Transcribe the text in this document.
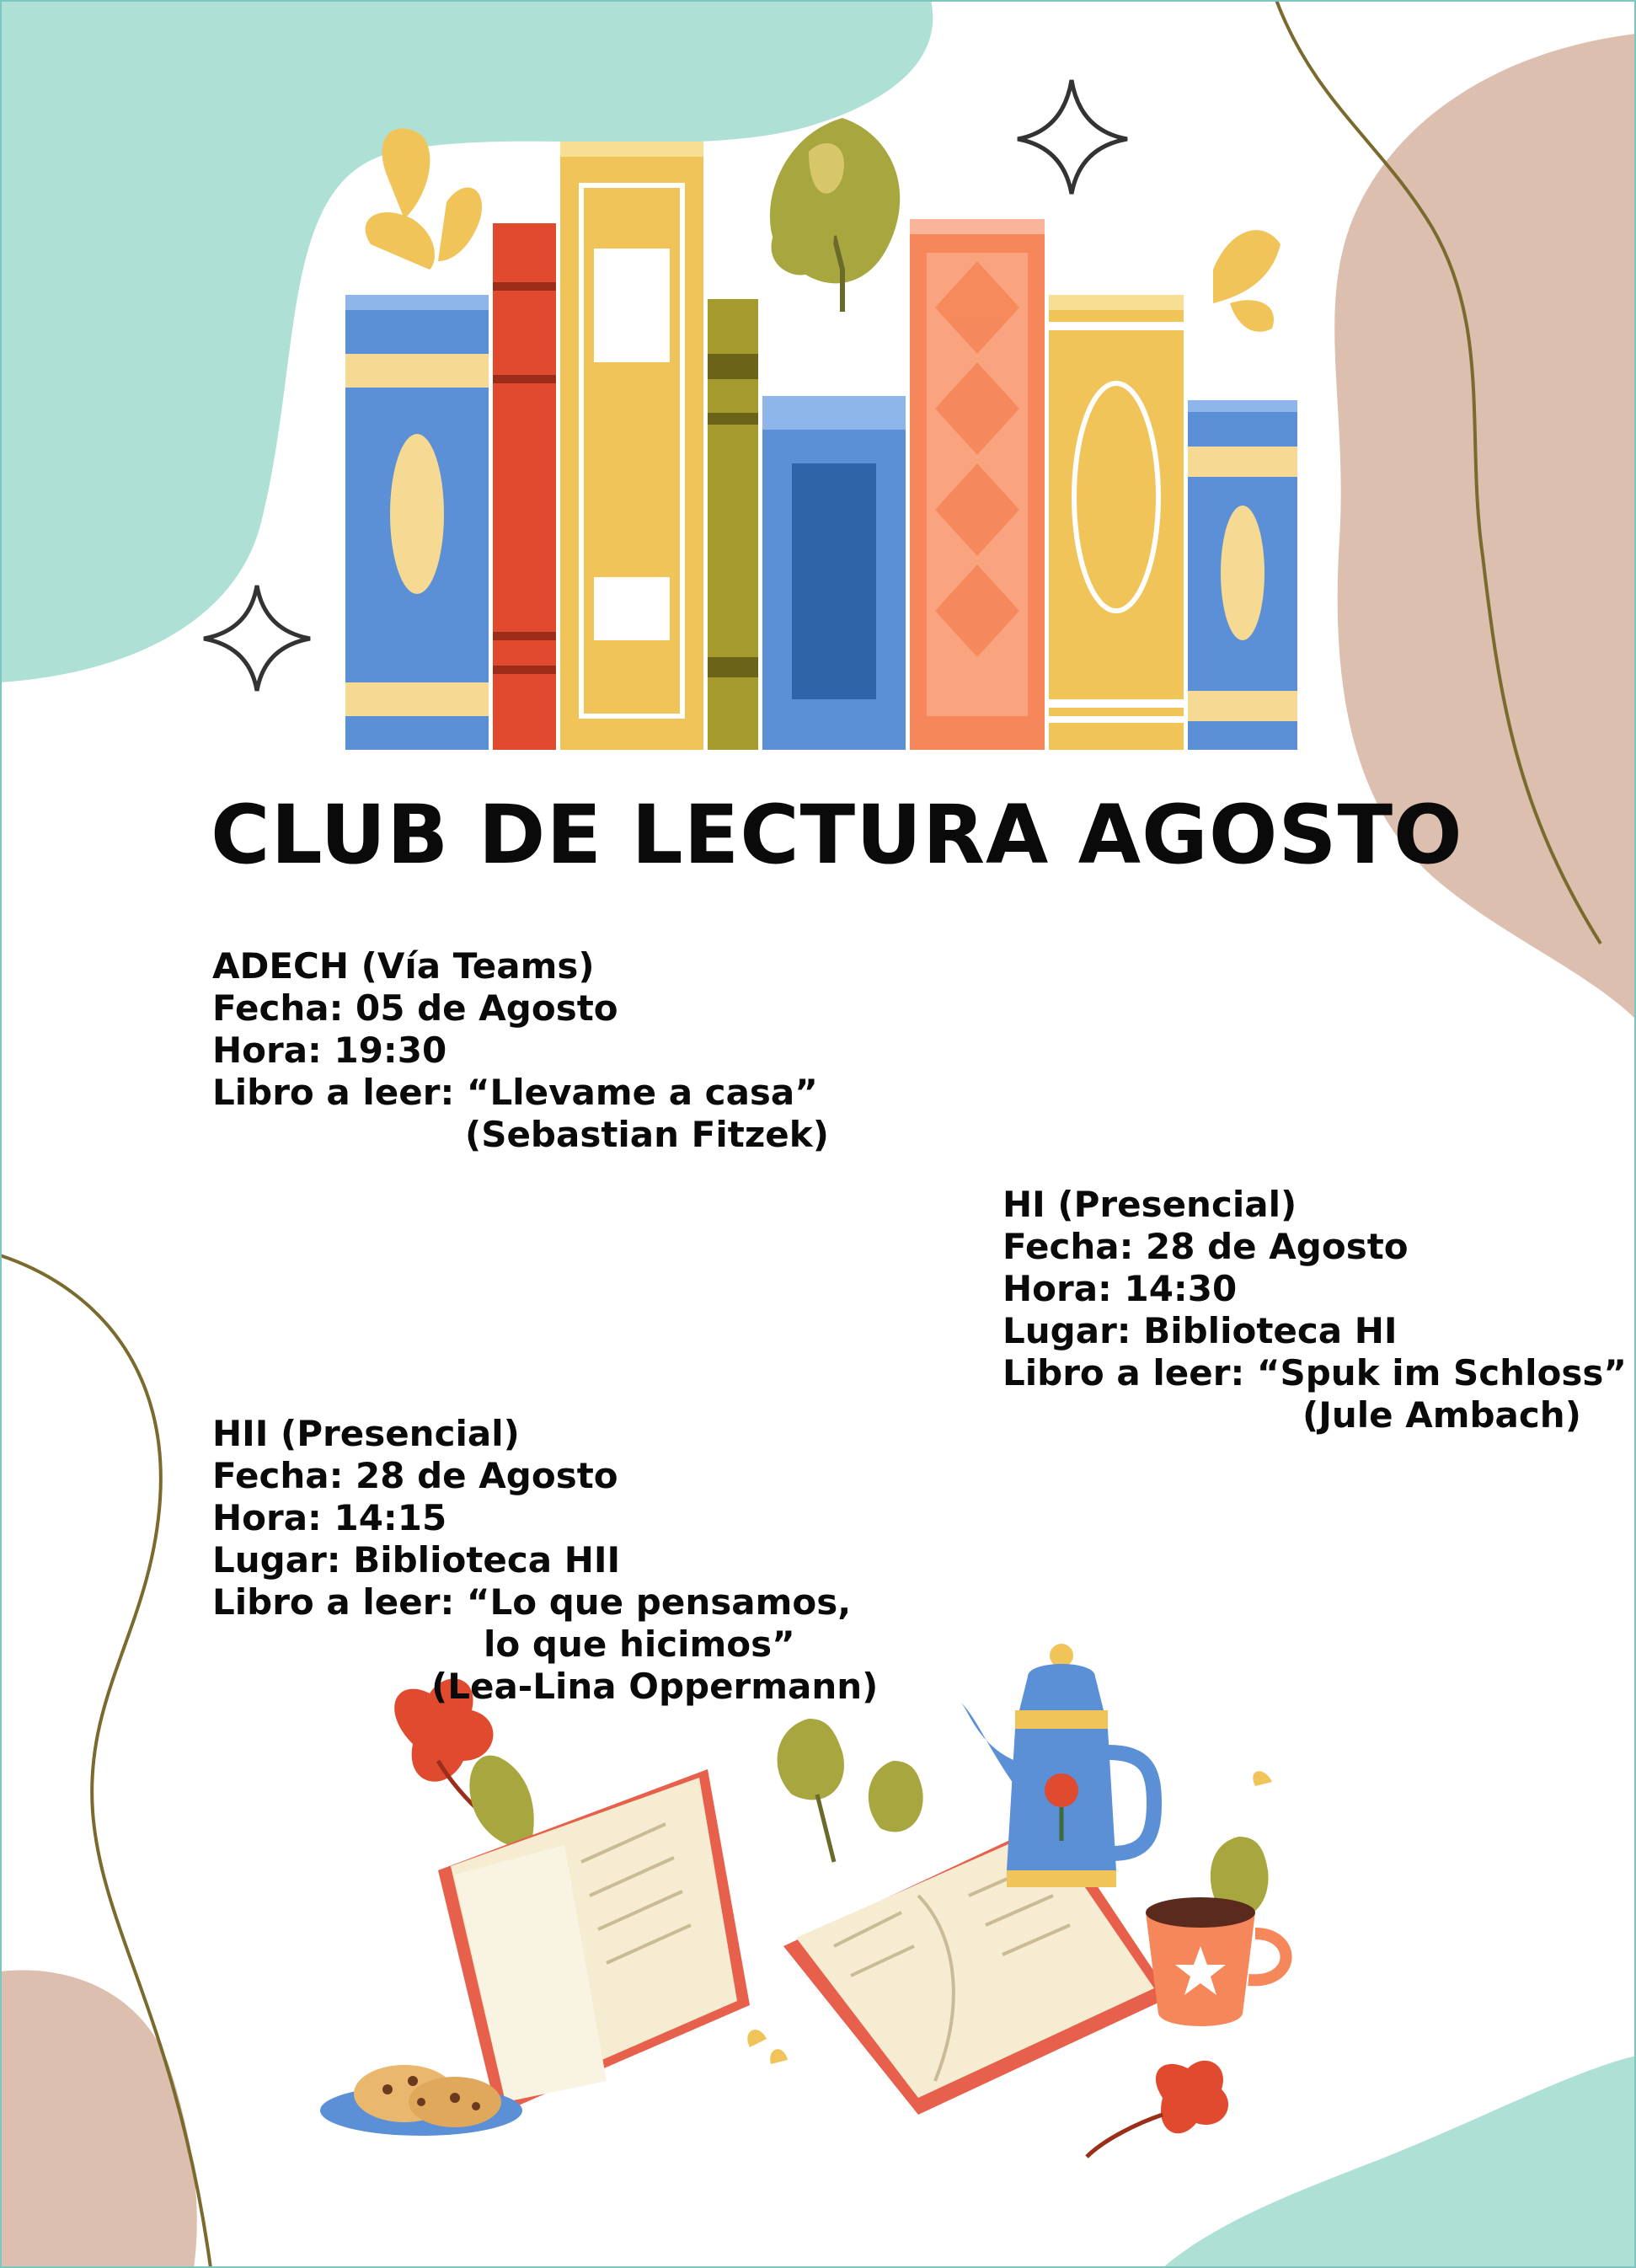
CLUB DE LECTURA AGOSTO
ADECH (Vía Teams)
Fecha: 05 de Agosto
Hora: 19:30
Libro a leer: “Llevame a casa”
(Sebastian Fitzek)
HI (Presencial)
Fecha: 28 de Agosto
Hora: 14:30
Lugar: Biblioteca HI
Libro a leer: “Spuk im Schloss”
(Jule Ambach)
HII (Presencial)
Fecha: 28 de Agosto
Hora: 14:15
Lugar: Biblioteca HII
Libro a leer: “Lo que pensamos,
lo que hicimos”
(Lea-Lina Oppermann)
